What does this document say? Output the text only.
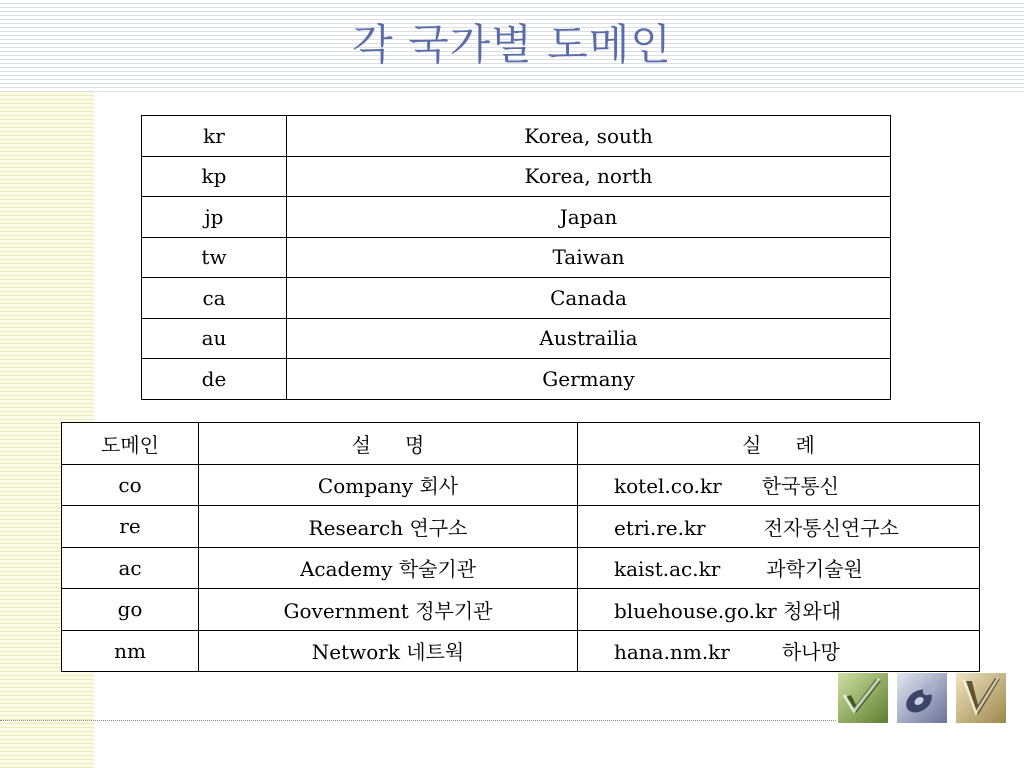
각 국가별 도메인
kr	Korea, south
kp	Korea, north
jp	Japan
tw	Taiwan
ca	Canada
au	Austrailia
de	Germany
도메인	설 명	실 례
co	Company 회사	kotel.co.kr 한국통신
re	Research 연구소	etri.re.kr 전자통신연구소
ac	Academy 학술기관	kaist.ac.kr 과학기술원
go	Government 정부기관	bluehouse.go.kr 청와대
nm	Network 네트웍	hana.nm.kr 하나망
